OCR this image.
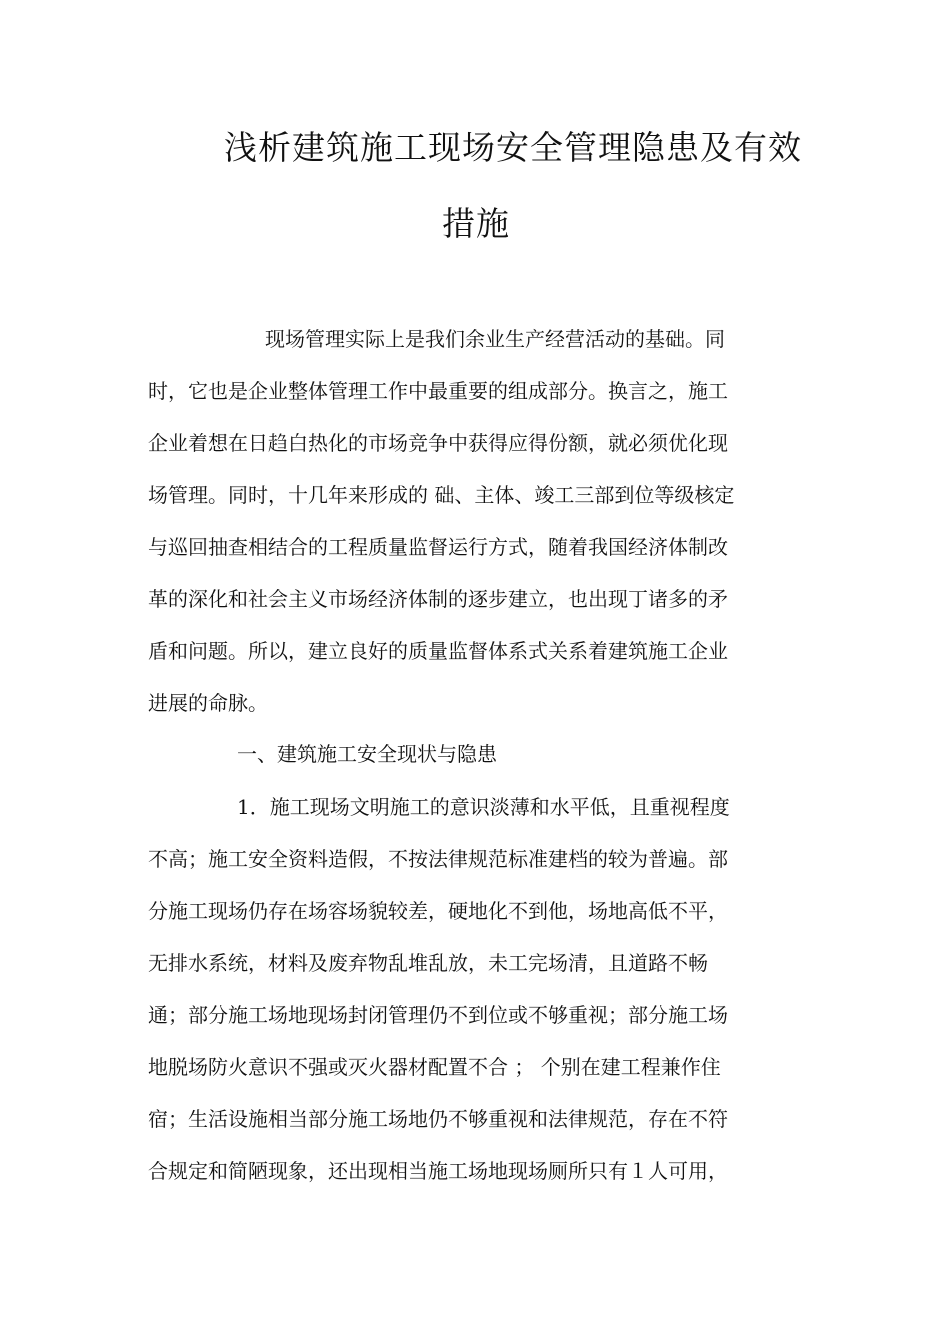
浅析建筑施工现场安全管理隐患及有效
措施
现场管理实际上是我们余业生产经营活动的基础。同
时，它也是企业整体管理工作中最重要的组成部分。换言之，施工
企业着想在日趋白热化的市场竞争中获得应得份额，就必须优化现
场管理。同时，十几年来形成的 础、主体、竣工三部到位等级核定
与巡回抽查相结合的工程质量监督运行方式，随着我国经济体制改
革的深化和社会主义市场经济体制的逐步建立，也出现丁诸多的矛
盾和问题。所以，建立良好的质量监督体系式关系着建筑施工企业
进展的命脉。
一、建筑施工安全现状与隐患
1．施工现场文明施工的意识淡薄和水平低，且重视程度
不高；施工安全资料造假，不按法律规范标准建档的较为普遍。部
分施工现场仍存在场容场貌较差，硬地化不到他，场地高低不平，
无排水系统，材料及废弃物乱堆乱放，未工完场清，且道路不畅
通；部分施工场地现场封闭管理仍不到位或不够重视；部分施工场
地脱场防火意识不强或灭火器材配置不合 ； 个别在建工程兼作住
宿；生活设施相当部分施工场地仍不够重视和法律规范，存在不符
合规定和简陋现象，还出现相当施工场地现场厕所只有１人可用，
